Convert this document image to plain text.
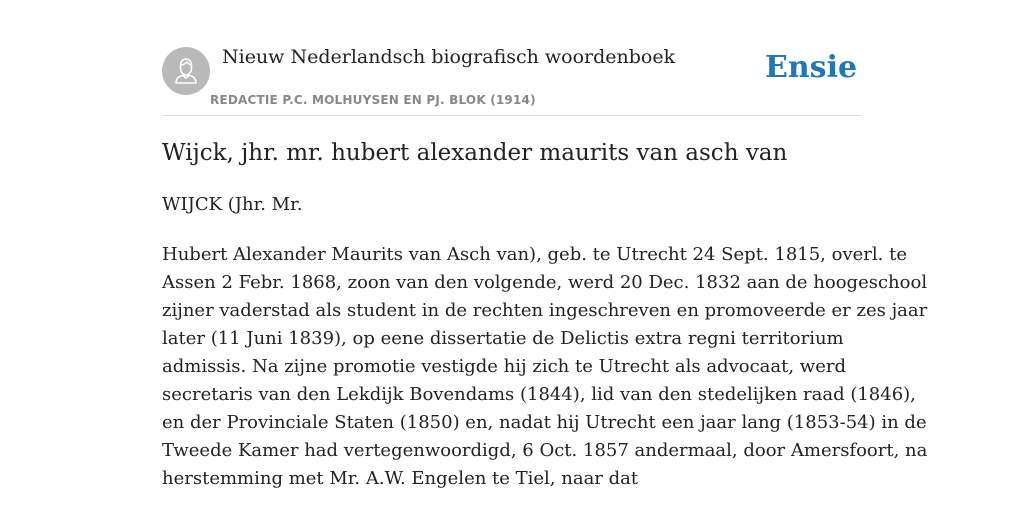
Nieuw Nederlandsch biografisch woordenboek
REDACTIE P.C. MOLHUYSEN EN PJ. BLOK (1914)
Ensie
Wijck, jhr. mr. hubert alexander maurits van asch van

WIJCK (Jhr. Mr.

Hubert Alexander Maurits van Asch van), geb. te Utrecht 24 Sept. 1815, overl. te
Assen 2 Febr. 1868, zoon van den volgende, werd 20 Dec. 1832 aan de hoogeschool
zijner vaderstad als student in de rechten ingeschreven en promoveerde er zes jaar
later (11 Juni 1839), op eene dissertatie de Delictis extra regni territorium
admissis. Na zijne promotie vestigde hij zich te Utrecht als advocaat, werd
secretaris van den Lekdijk Bovendams (1844), lid van den stedelijken raad (1846),
en der Provinciale Staten (1850) en, nadat hij Utrecht een jaar lang (1853-54) in de
Tweede Kamer had vertegenwoordigd, 6 Oct. 1857 andermaal, door Amersfoort, na
herstemming met Mr. A.W. Engelen te Tiel, naar dat
